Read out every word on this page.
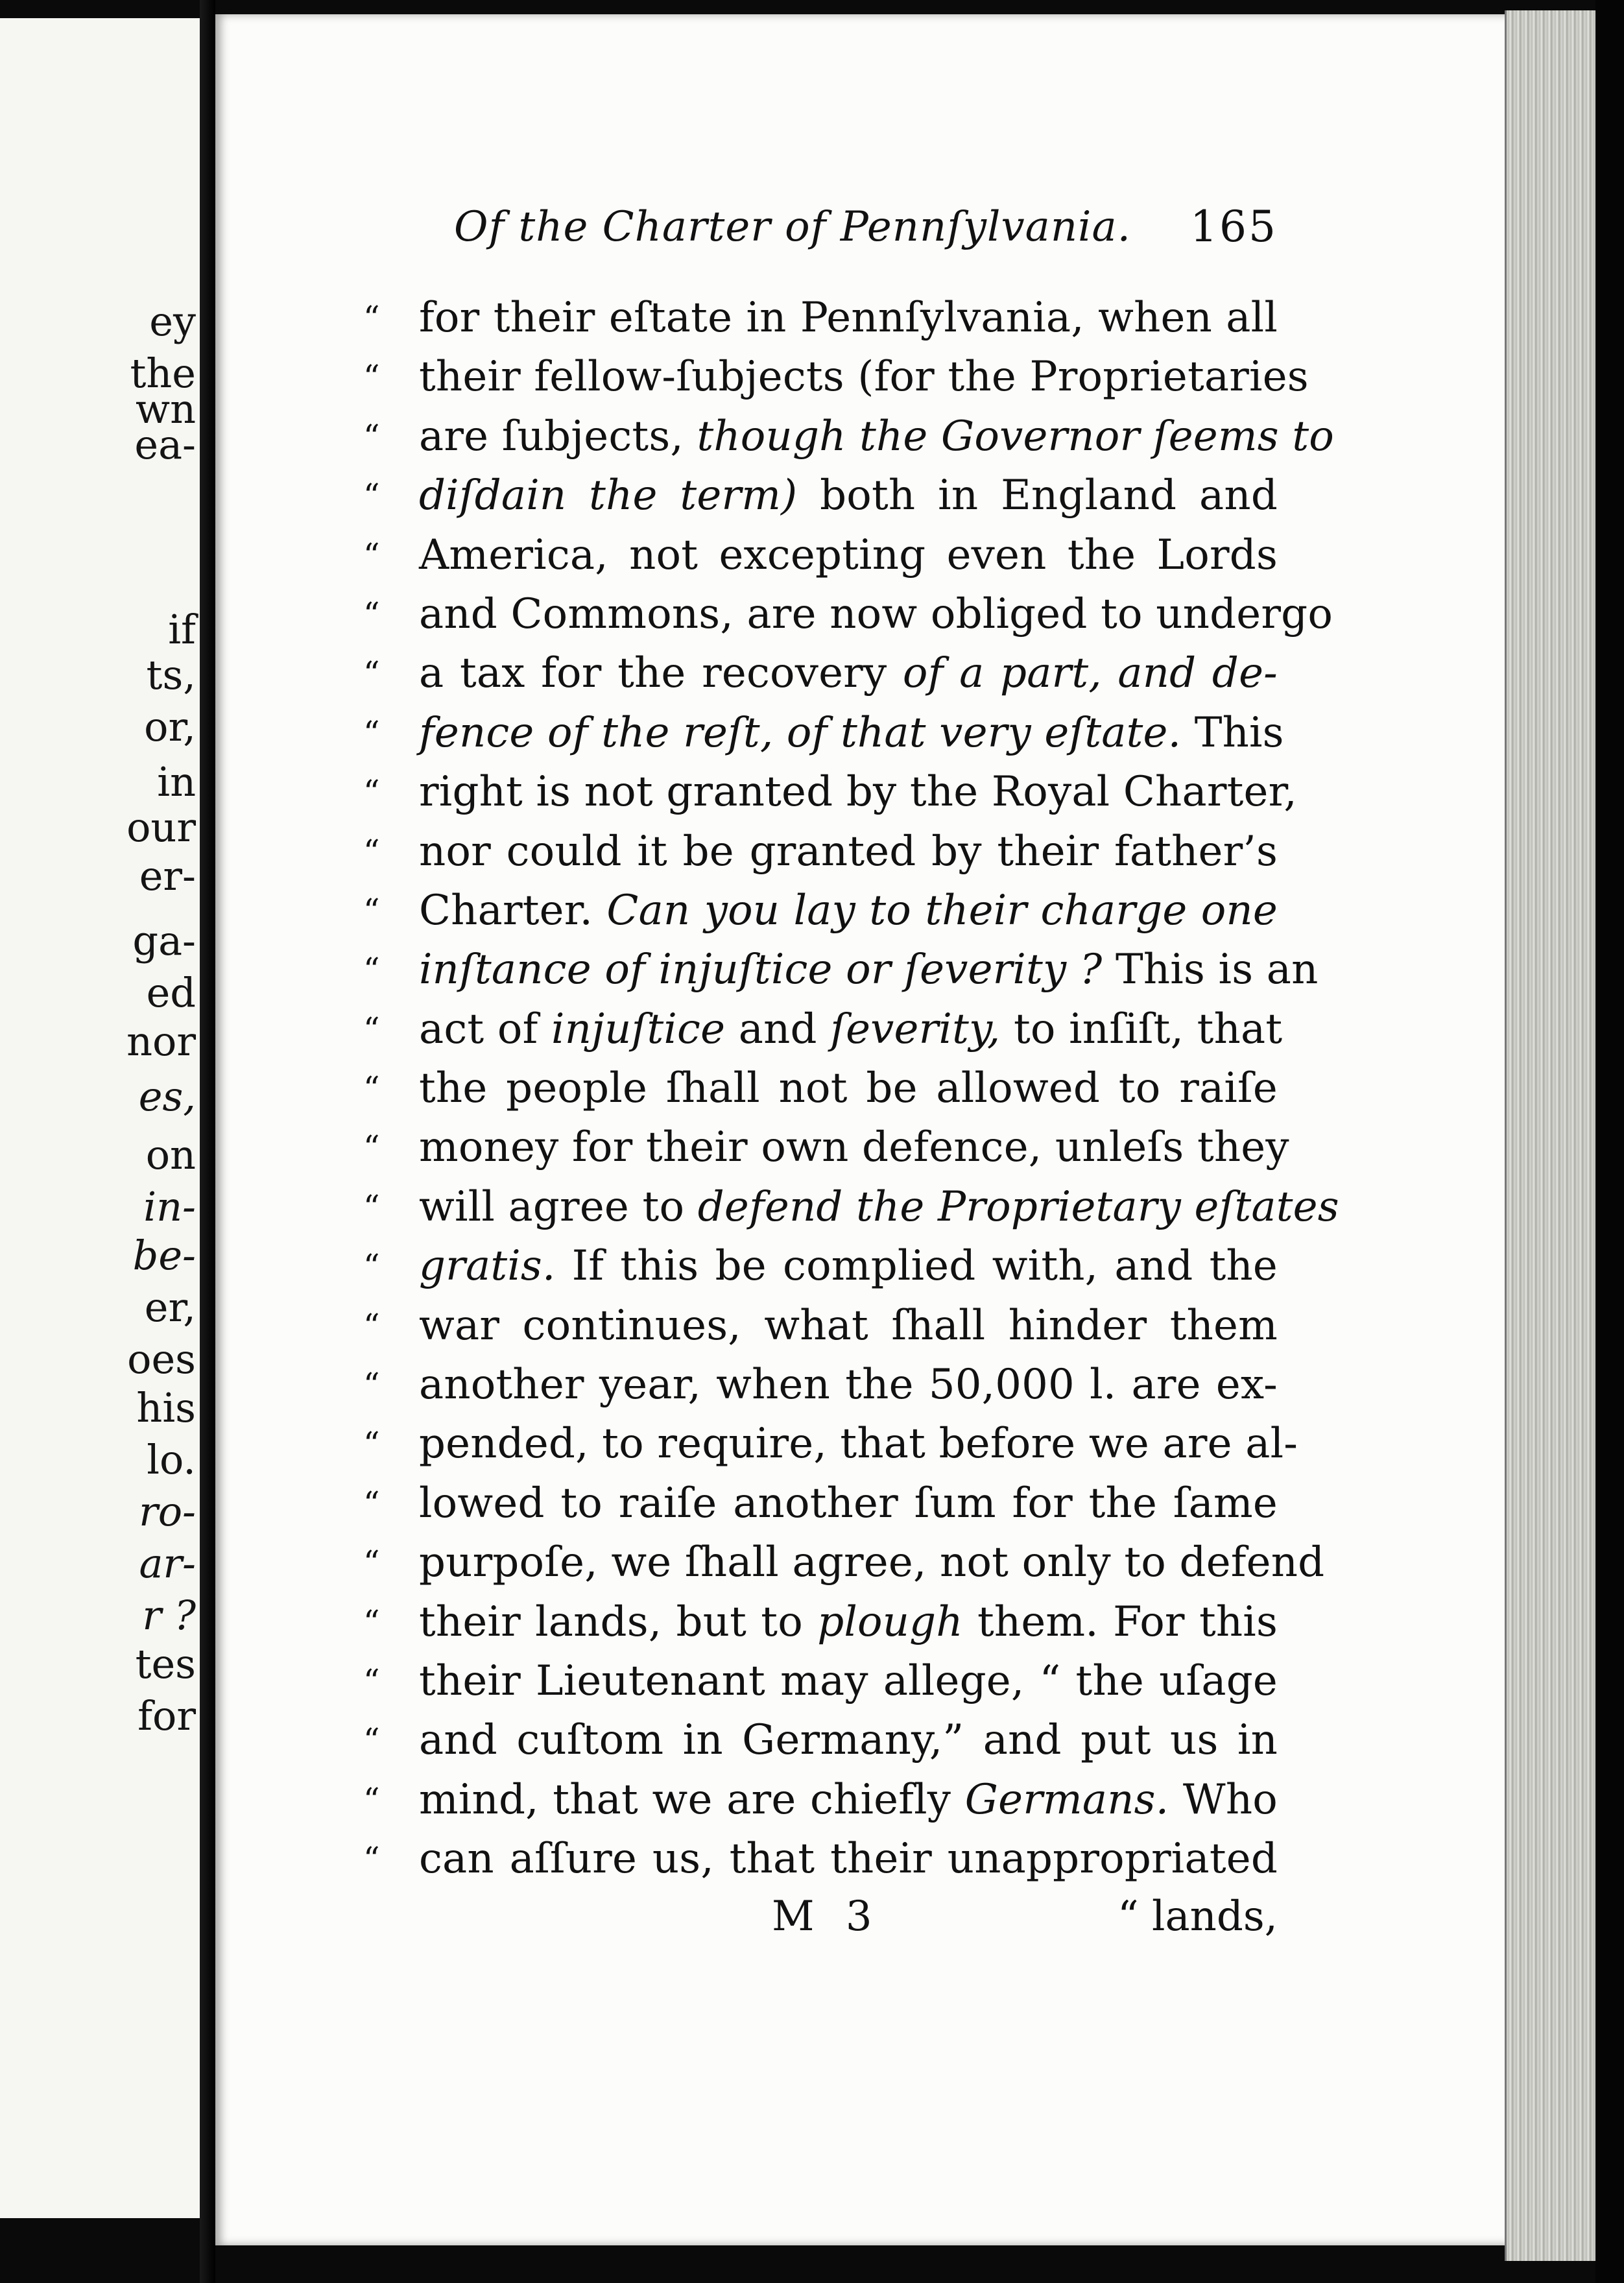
ey
the
wn
ea-
if
ts,
or,
in
our
er-
ga-
ed
nor
es,
on
in-
be-
er,
oes
his
lo.
ro-
ar-
r ?
tes
for
Of the Charter of Pennſylvania. 165
“ for their eſtate in Pennſylvania, when all
“ their fellow-ſubjects (for the Proprietaries
“ are ſubjects, though the Governor ſeems to
“ diſdain the term) both in England and
“ America, not excepting even the Lords
“ and Commons, are now obliged to undergo
“ a tax for the recovery of a part, and de-
“ fence of the reſt, of that very eſtate. This
“ right is not granted by the Royal Charter,
“ nor could it be granted by their father’s
“ Charter. Can you lay to their charge one
“ inſtance of injuſtice or ſeverity ? This is an
“ act of injuſtice and ſeverity, to inſiſt, that
“ the people ſhall not be allowed to raiſe
“ money for their own defence, unleſs they
“ will agree to defend the Proprietary eſtates
“ gratis. If this be complied with, and the
“ war continues, what ſhall hinder them
“ another year, when the 50,000 l. are ex-
“ pended, to require, that before we are al-
“ lowed to raiſe another ſum for the ſame
“ purpoſe, we ſhall agree, not only to defend
“ their lands, but to plough them. For this
“ their Lieutenant may allege, “ the uſage
“ and cuſtom in Germany,” and put us in
“ mind, that we are chiefly Germans. Who
“ can aſſure us, that their unappropriated
M 3	“ lands,
